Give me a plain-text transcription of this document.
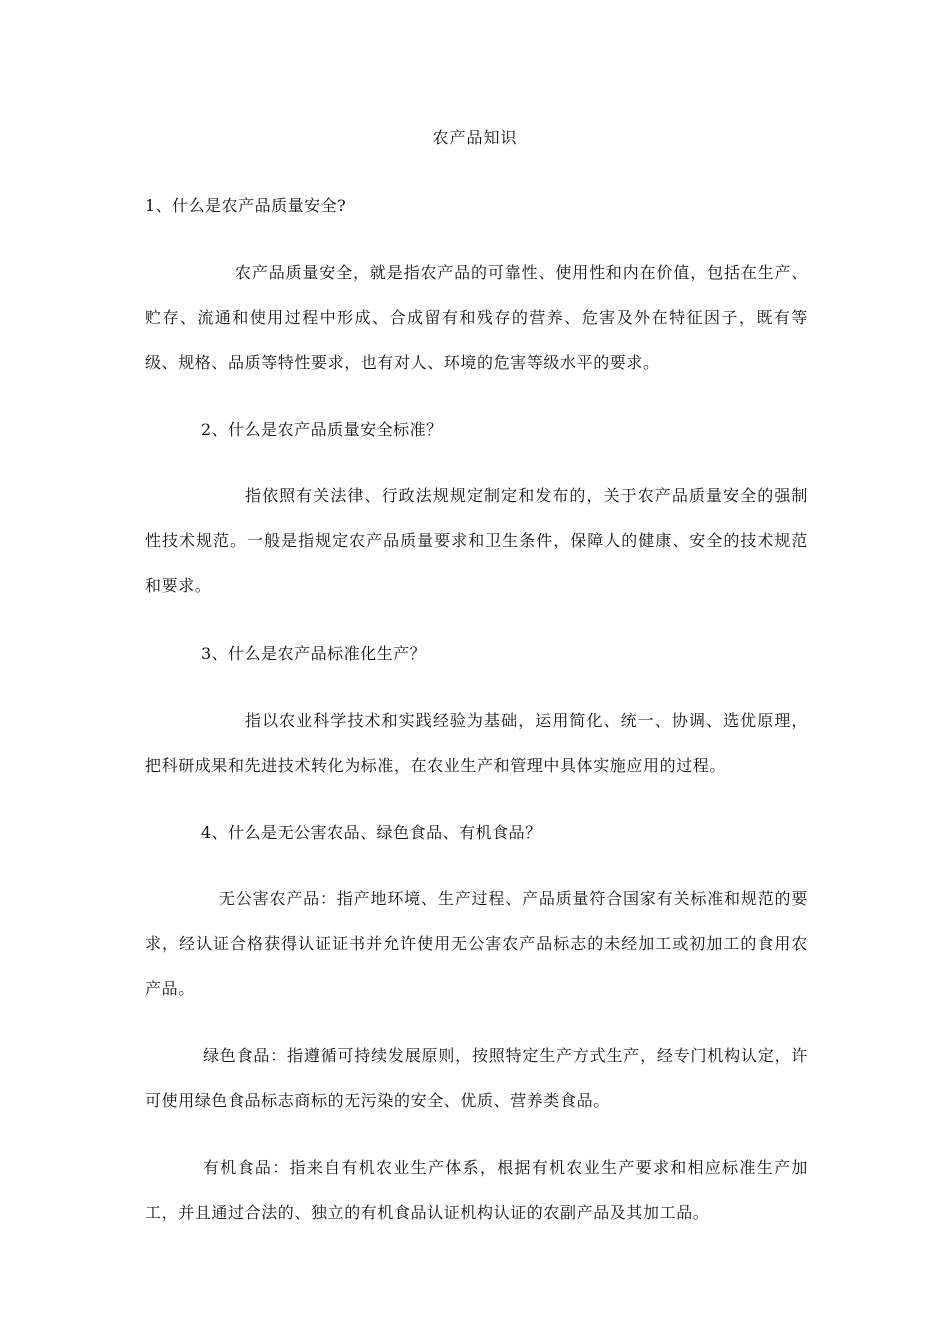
农产品知识
1、什么是农产品质量安全?
农产品质量安全，就是指农产品的可靠性、使用性和内在价值，包括在生产、贮存、流通和使用过程中形成、合成留有和残存的营养、危害及外在特征因子，既有等级、规格、品质等特性要求，也有对人、环境的危害等级水平的要求。
2、什么是农产品质量安全标准？
指依照有关法律、行政法规规定制定和发布的，关于农产品质量安全的强制性技术规范。一般是指规定农产品质量要求和卫生条件，保障人的健康、安全的技术规范和要求。
3、什么是农产品标准化生产？
指以农业科学技术和实践经验为基础，运用简化、统一、协调、选优原理，把科研成果和先进技术转化为标准，在农业生产和管理中具体实施应用的过程。
4、什么是无公害农品、绿色食品、有机食品？
无公害农产品：指产地环境、生产过程、产品质量符合国家有关标准和规范的要求，经认证合格获得认证证书并允许使用无公害农产品标志的未经加工或初加工的食用农产品。
绿色食品：指遵循可持续发展原则，按照特定生产方式生产，经专门机构认定，许可使用绿色食品标志商标的无污染的安全、优质、营养类食品。
有机食品：指来自有机农业生产体系，根据有机农业生产要求和相应标准生产加工，并且通过合法的、独立的有机食品认证机构认证的农副产品及其加工品。
